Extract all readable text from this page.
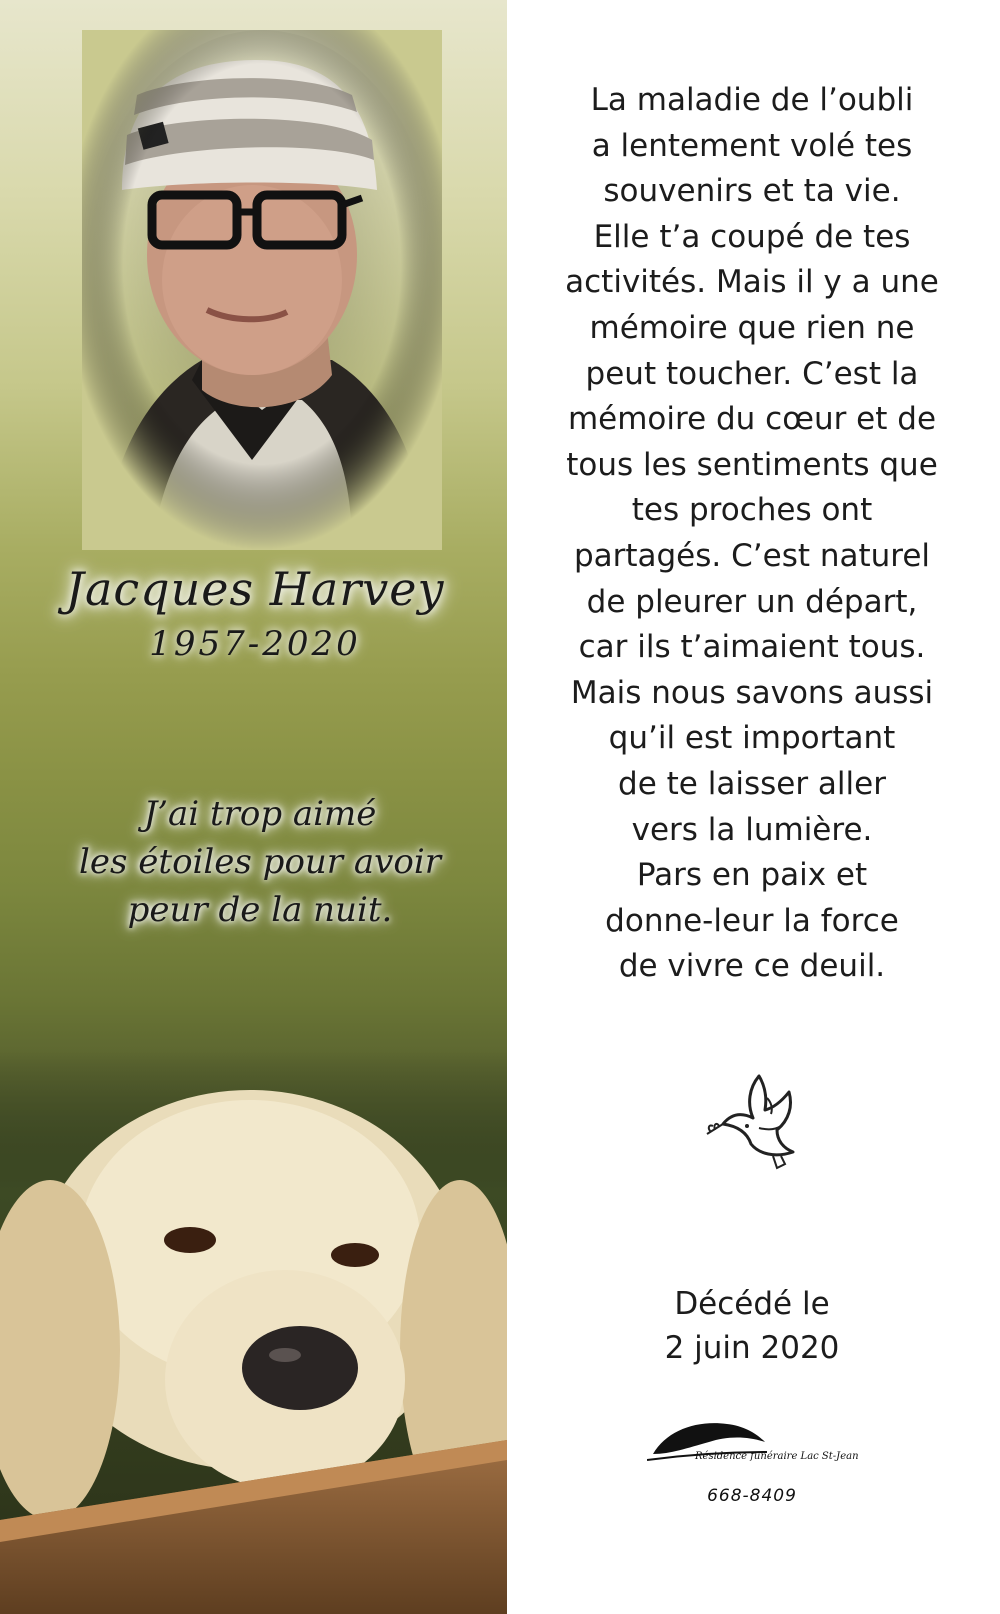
Jacques Harvey
1957-2020
J’ai trop aimé
les étoiles pour avoir
peur de la nuit.
La maladie de l’oubli
a lentement volé tes
souvenirs et ta vie.
Elle t’a coupé de tes
activités. Mais il y a une
mémoire que rien ne
peut toucher. C’est la
mémoire du cœur et de
tous les sentiments que
tes proches ont
partagés. C’est naturel
de pleurer un départ,
car ils t’aimaient tous.
Mais nous savons aussi
qu’il est important
de te laisser aller
vers la lumière.
Pars en paix et
donne-leur la force
de vivre ce deuil.
Décédé le
2 juin 2020
Résidence funéraire Lac St-Jean
668-8409
